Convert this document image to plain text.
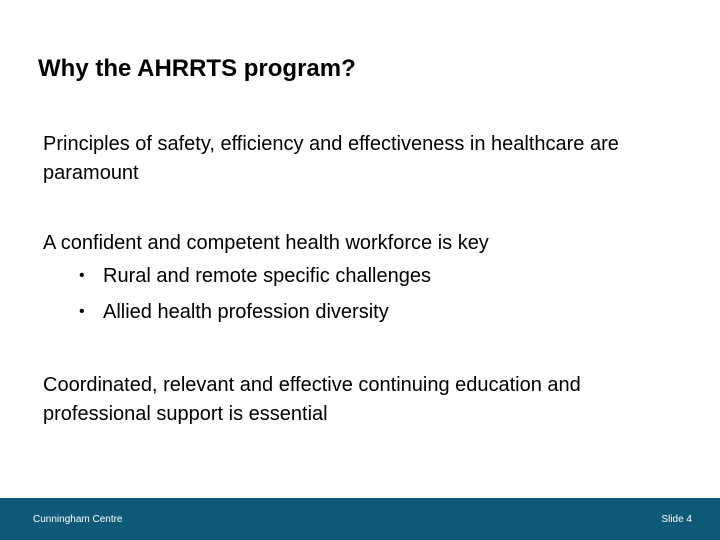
Why the AHRRTS program?

Principles of safety, efficiency and effectiveness in healthcare are paramount

A confident and competent health workforce is key

• Rural and remote specific challenges
• Allied health profession diversity

Coordinated, relevant and effective continuing education and professional support is essential

Cunningham Centre	Slide 4
